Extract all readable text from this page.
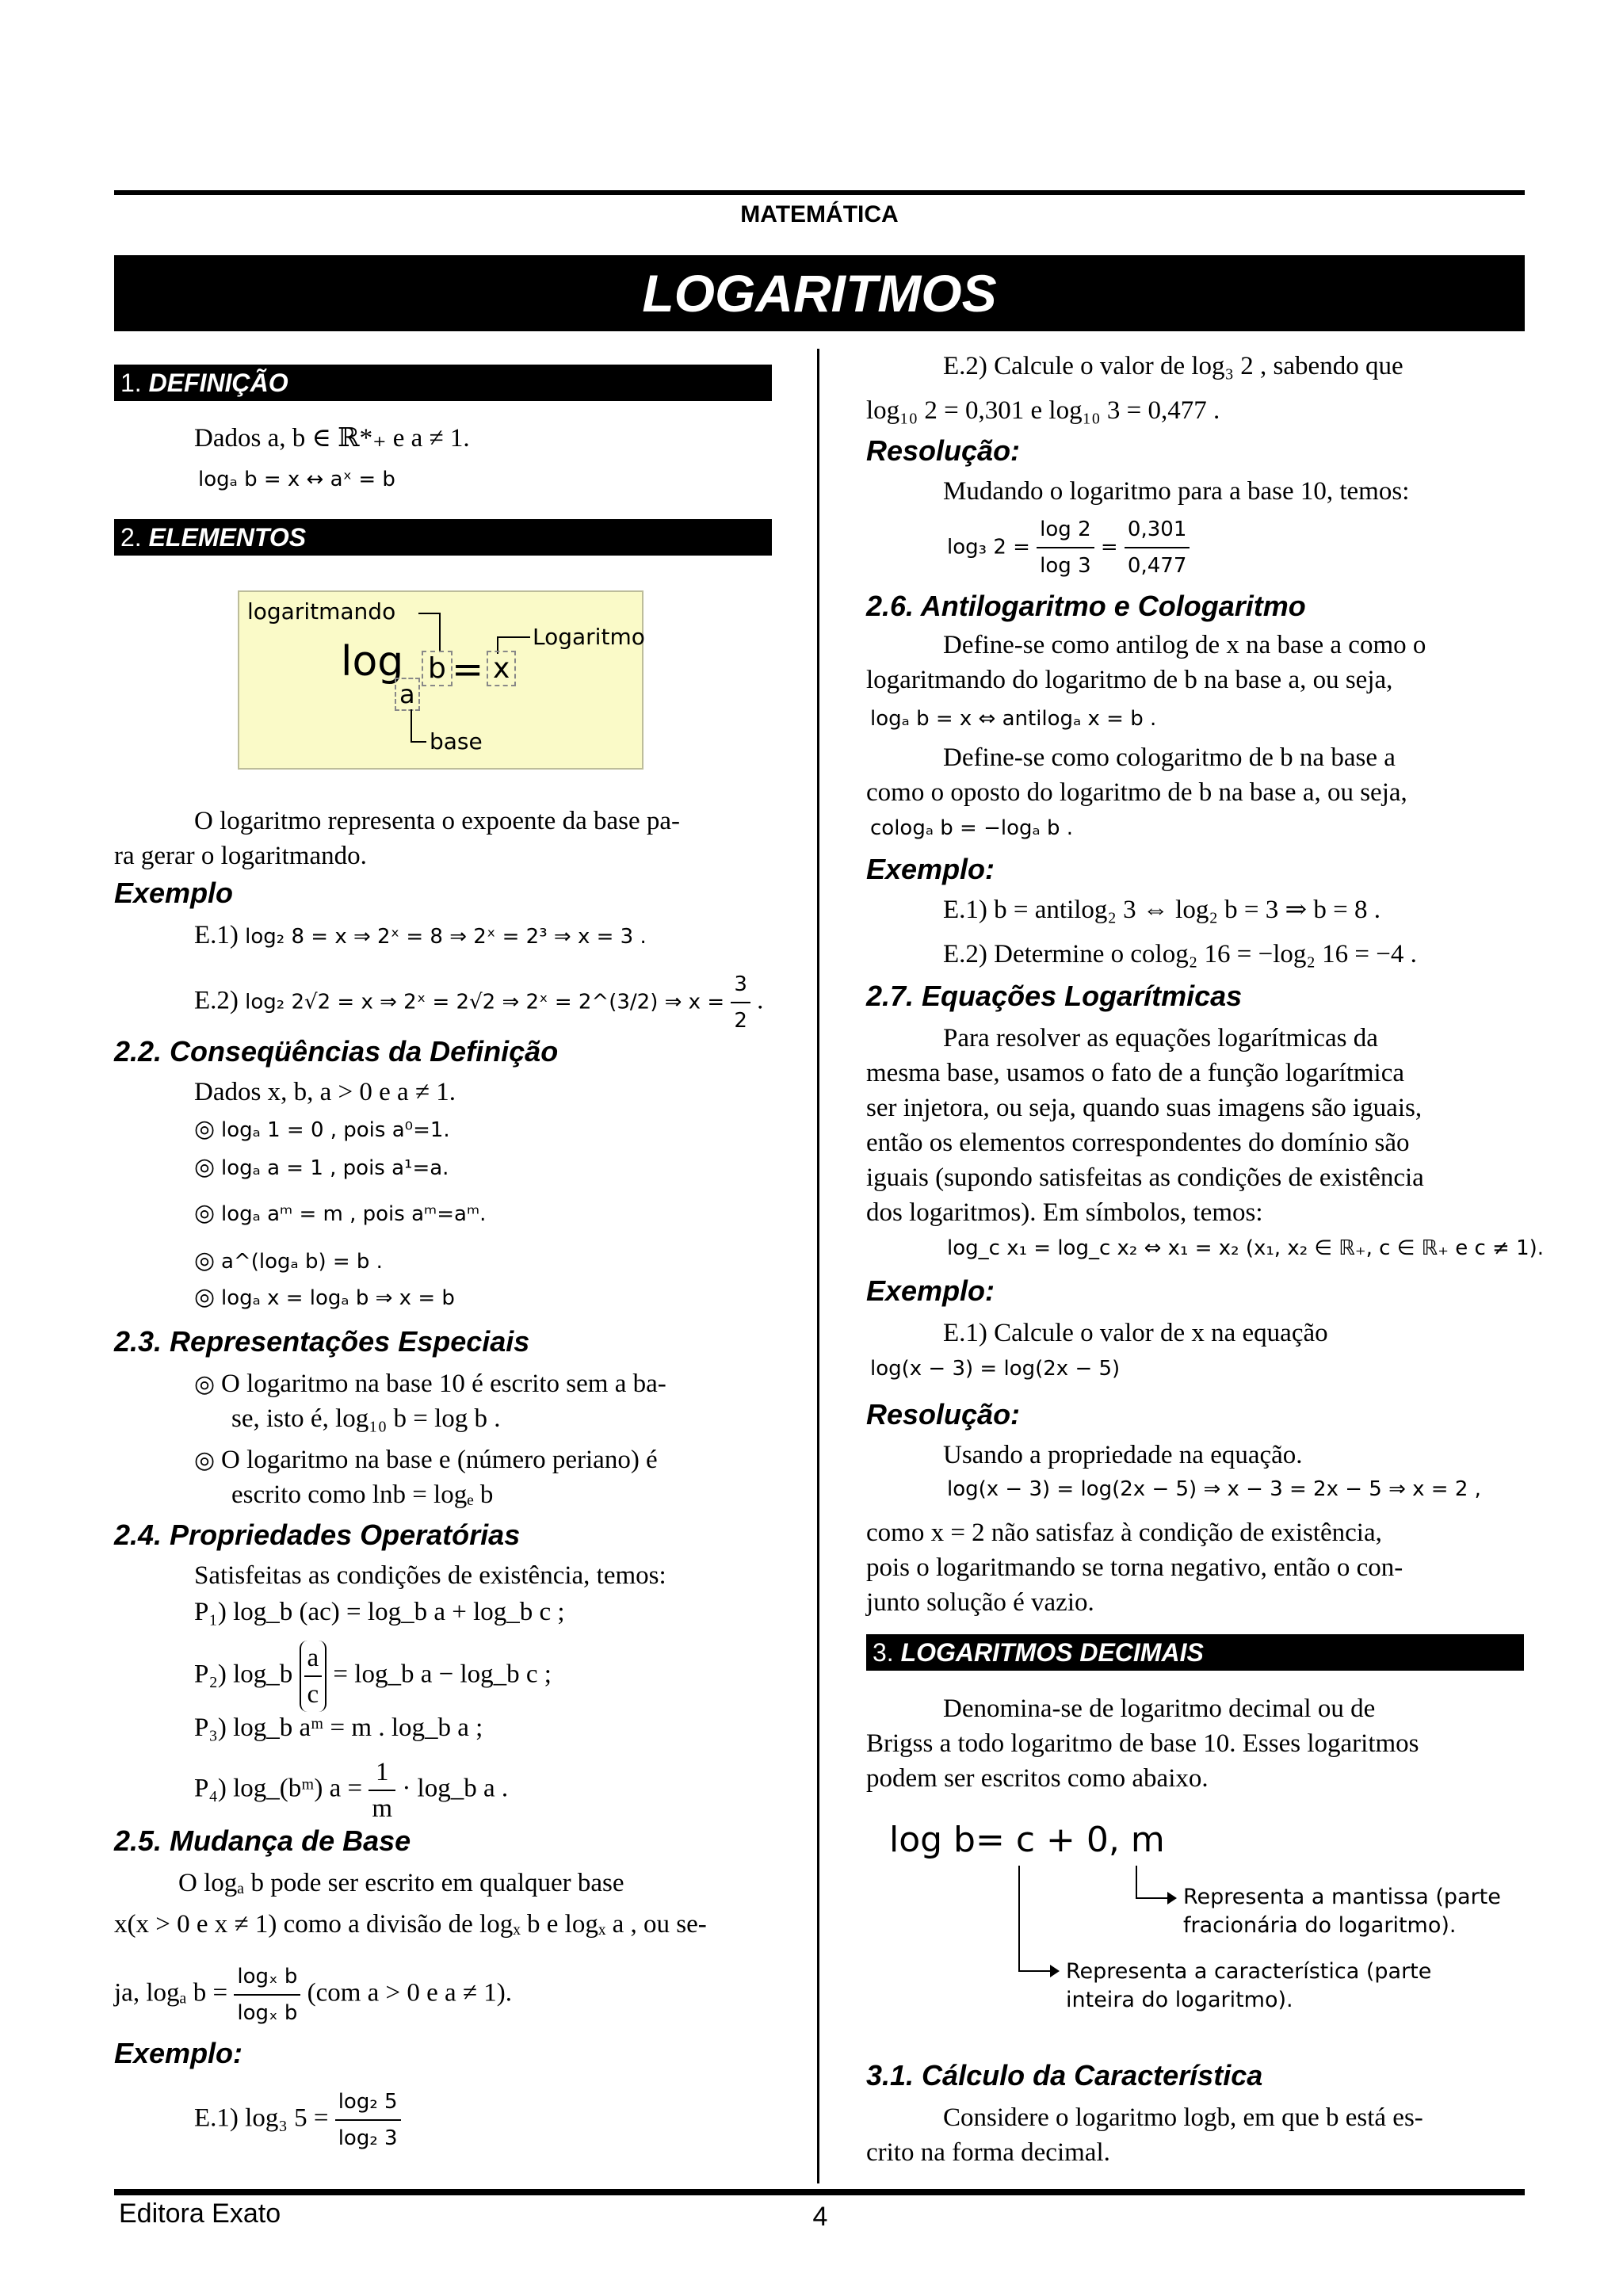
MATEMÁTICA
LOGARITMOS
1. DEFINIÇÃO
Dados a, b ∈ ℝ*₊ e a ≠ 1.
logₐ b = x ↔ aˣ = b
2. ELEMENTOS
logaritmando
Logaritmo
log b = x
a
base
O logaritmo representa o expoente da base pa-
ra gerar o logaritmando.
Exemplo
E.1) log₂ 8 = x ⇒ 2ˣ = 8 ⇒ 2ˣ = 2³ ⇒ x = 3 .
E.2) log₂ 2√2 = x ⇒ 2ˣ = 2√2 ⇒ 2ˣ = 2^(3/2) ⇒ $x = \frac{3}{2}$ .
2.2. Conseqüências da Definição
Dados x, b, a > 0 e a ≠ 1.
◎ logₐ 1 = 0 , pois a⁰=1.
◎ logₐ a = 1 , pois a¹=a.
◎ logₐ aᵐ = m , pois aᵐ=aᵐ.
◎ a^(logₐ b) = b .
◎ logₐ x = logₐ b ⇒ x = b
2.3. Representações Especiais
◎ O logaritmo na base 10 é escrito sem a ba-
se, isto é, log₁₀ b = log b .
◎ O logaritmo na base e (número periano) é
escrito como lnb = logₑ b
2.4. Propriedades Operatórias
Satisfeitas as condições de existência, temos:
P₁) log_b (ac) = log_b a + log_b c ;
P₂) log_b $\frac{a}{c}$ = log_b a − log_b c ;
P₃) log_b aᵐ = m . log_b a ;
P₄) log_(bᵐ) $a = \frac{1}{m}$ · log_b a .
2.5. Mudança de Base
O logₐ b pode ser escrito em qualquer base
x(x > 0 e x ≠ 1) como a divisão de logₓ b e logₓ a , ou se-
ja, logₐ $b = \frac{\text{logₓ b}}{\text{logₓ b}} (com$ a > 0 e a ≠ 1).
Exemplo:
E.1) log₃ $5 = \frac{\text{log₂ 5}}{\text{log₂ 3}}$
E.2) Calcule o valor de log₃ 2 , sabendo que
log₁₀ 2 = 0,301 e log₁₀ 3 = 0,477 .
Resolução:
Mudando o logaritmo para a base 10, temos:
log₃ $2 = \frac{\log 2}{\log 3} = \frac{0,301}{0,477}$
2.6. Antilogaritmo e Cologaritmo
Define-se como antilog de x na base a como o
logaritmando do logaritmo de b na base a, ou seja,
logₐ b = x ⇔ antilogₐ x = b .
Define-se como cologaritmo de b na base a
como o oposto do logaritmo de b na base a, ou seja,
cologₐ b = −logₐ b .
Exemplo:
E.1) b = antilog₂ 3 ⇔ log₂ b = 3 ⇒ b = 8 .
E.2) Determine o colog₂ 16 = −log₂ 16 = −4 .
2.7. Equações Logarítmicas
Para resolver as equações logarítmicas da
mesma base, usamos o fato de a função logarítmica
ser injetora, ou seja, quando suas imagens são iguais,
então os elementos correspondentes do domínio são
iguais (supondo satisfeitas as condições de existência
dos logaritmos). Em símbolos, temos:
log_c x₁ = log_c x₂ ⇔ x₁ = x₂ (x₁, x₂ ∈ ℝ₊, c ∈ ℝ₊ e c ≠ 1).
Exemplo:
E.1) Calcule o valor de x na equação
log(x − 3) = log(2x − 5)
Resolução:
Usando a propriedade na equação.
log(x − 3) = log(2x − 5) ⇒ x − 3 = 2x − 5 ⇒ x = 2 ,
como x = 2 não satisfaz à condição de existência,
pois o logaritmando se torna negativo, então o con-
junto solução é vazio.
3. LOGARITMOS DECIMAIS
Denomina-se de logaritmo decimal ou de
Brigss a todo logaritmo de base 10. Esses logaritmos
podem ser escritos como abaixo.
log b= c + 0, m
Representa a mantissa (parte
fracionária do logaritmo).
Representa a característica (parte
inteira do logaritmo).
3.1. Cálculo da Característica
Considere o logaritmo logb, em que b está es-
crito na forma decimal.
Editora Exato	4
